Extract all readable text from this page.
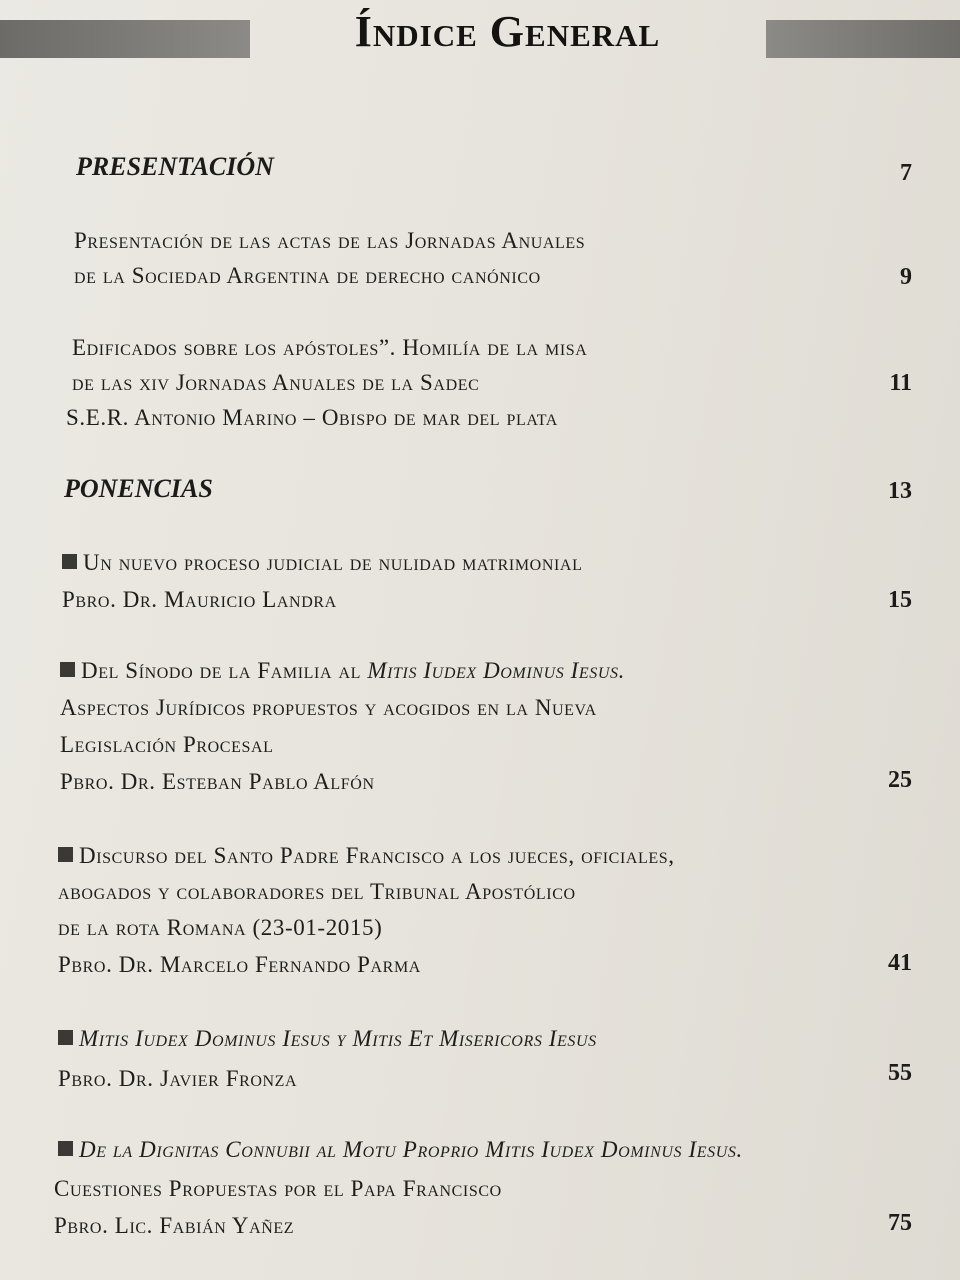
Índice General
PRESENTACIÓN	7
Presentación de las actas de las Jornadas Anuales
de la Sociedad Argentina de derecho canónico	9
Edificados sobre los apóstoles”. Homilía de la misa
de las xiv Jornadas Anuales de la Sadec	11
S.E.R. Antonio Marino – Obispo de mar del plata
PONENCIAS	13
Un nuevo proceso judicial de nulidad matrimonial
Pbro. Dr. Mauricio Landra	15
Del Sínodo de la Familia al Mitis Iudex Dominus Iesus.
Aspectos Jurídicos propuestos y acogidos en la Nueva
Legislación Procesal
Pbro. Dr. Esteban Pablo Alfón	25
Discurso del Santo Padre Francisco a los jueces, oficiales,
abogados y colaboradores del Tribunal Apostólico
de la rota Romana (23-01-2015)
Pbro. Dr. Marcelo Fernando Parma	41
Mitis Iudex Dominus Iesus y Mitis Et Misericors Iesus
Pbro. Dr. Javier Fronza	55
De la Dignitas Connubii al Motu Proprio Mitis Iudex Dominus Iesus.
Cuestiones Propuestas por el Papa Francisco
Pbro. Lic. Fabián Yañez	75
